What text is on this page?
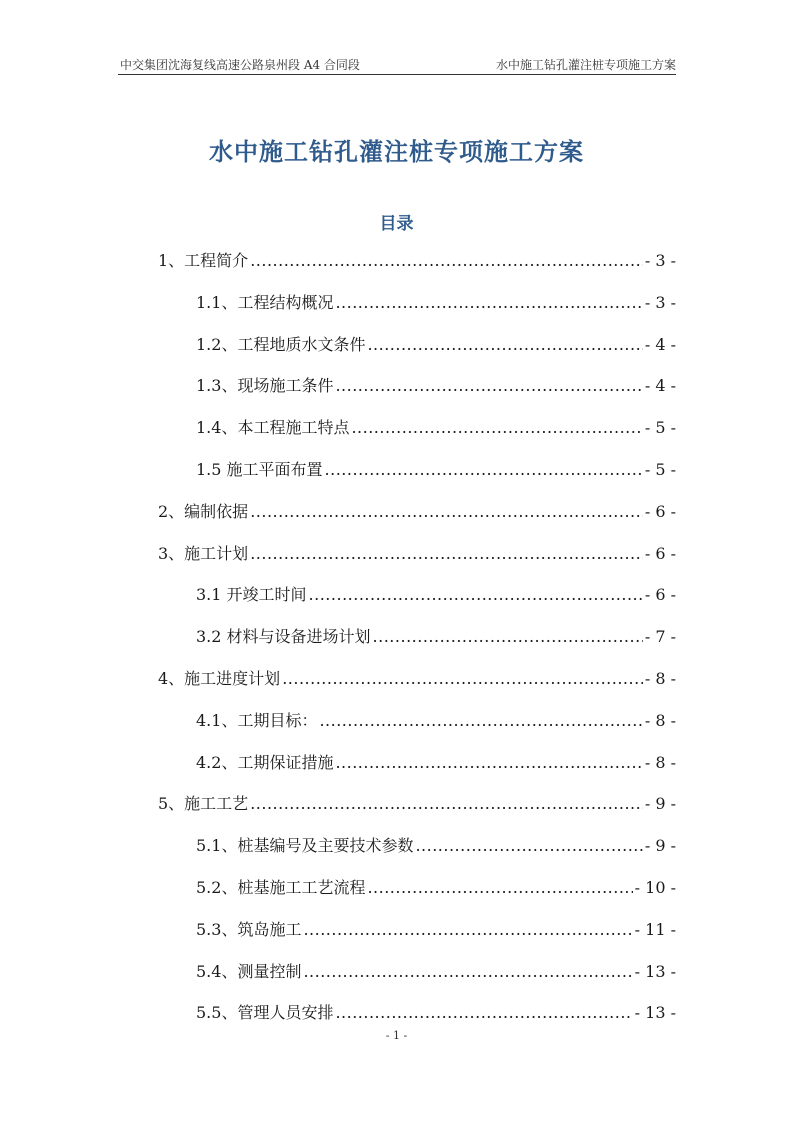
中交集团沈海复线高速公路泉州段 A4 合同段	水中施工钻孔灌注桩专项施工方案
水中施工钻孔灌注桩专项施工方案
目录
1、工程简介 .....	- 3 -
1.1、工程结构概况 .....	- 3 -
1.2、工程地质水文条件 .....	- 4 -
1.3、现场施工条件 .....	- 4 -
1.4、本工程施工特点 .....	- 5 -
1.5 施工平面布置 .....	- 5 -
2、编制依据 .....	- 6 -
3、施工计划 .....	- 6 -
3.1 开竣工时间 .....	- 6 -
3.2 材料与设备进场计划 .....	- 7 -
4、施工进度计划 .....	- 8 -
4.1、工期目标： .....	- 8 -
4.2、工期保证措施 .....	- 8 -
5、施工工艺 .....	- 9 -
5.1、桩基编号及主要技术参数 .....	- 9 -
5.2、桩基施工工艺流程 .....	- 10 -
5.3、筑岛施工 .....	- 11 -
5.4、测量控制 .....	- 13 -
5.5、管理人员安排 .....	- 13 -
- 1 -
